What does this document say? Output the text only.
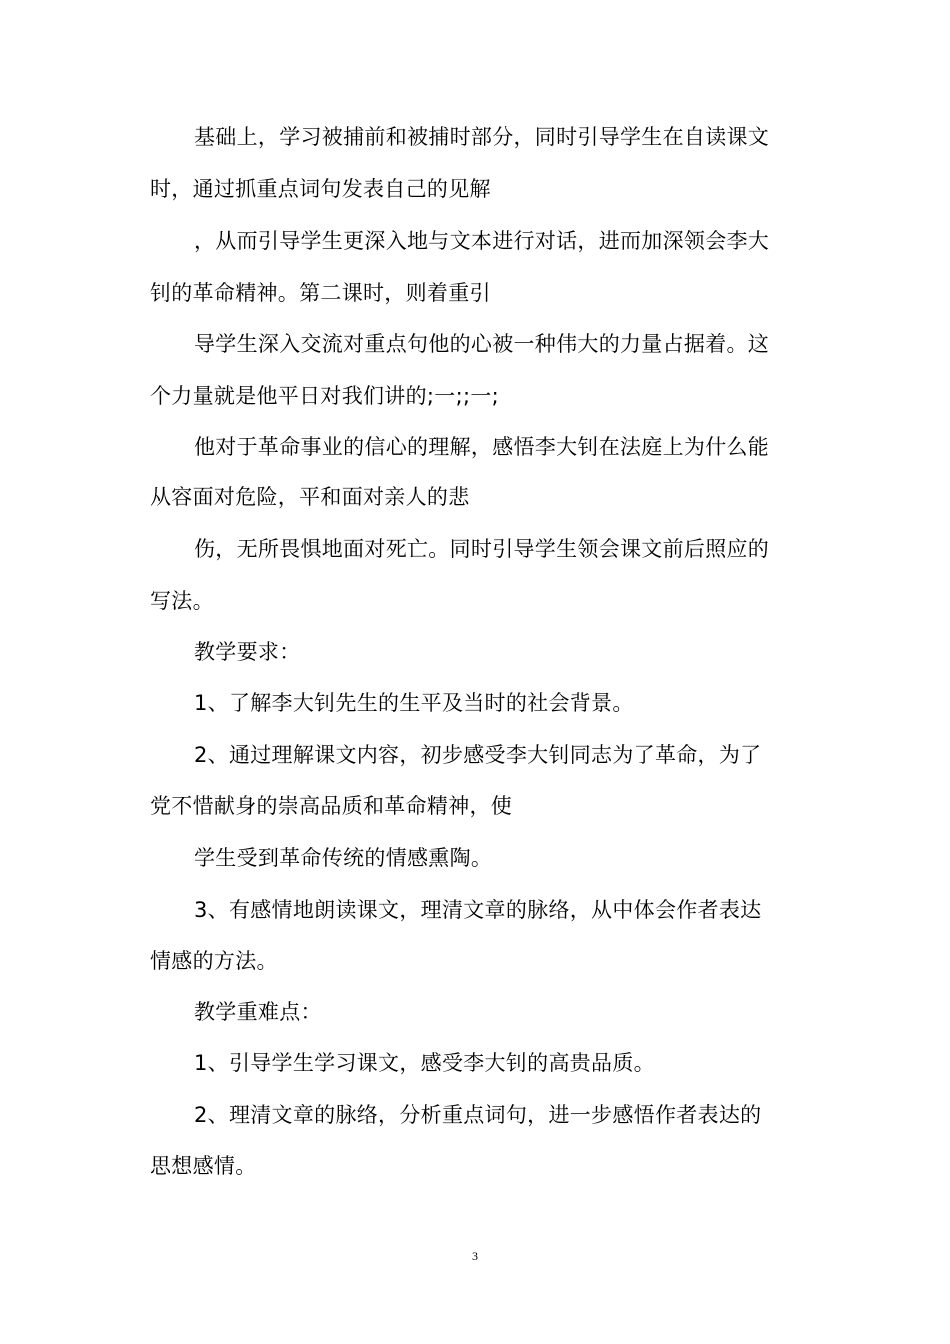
基础上，学习被捕前和被捕时部分，同时引导学生在自读课文
时，通过抓重点词句发表自己的见解
，从而引导学生更深入地与文本进行对话，进而加深领会李大
钊的革命精神。第二课时，则着重引
导学生深入交流对重点句他的心被一种伟大的力量占据着。这
个力量就是他平日对我们讲的;一;;一;
他对于革命事业的信心的理解，感悟李大钊在法庭上为什么能
从容面对危险，平和面对亲人的悲
伤，无所畏惧地面对死亡。同时引导学生领会课文前后照应的
写法。
教学要求：
1、了解李大钊先生的生平及当时的社会背景。
2、通过理解课文内容，初步感受李大钊同志为了革命，为了
党不惜献身的崇高品质和革命精神，使
学生受到革命传统的情感熏陶。
3、有感情地朗读课文，理清文章的脉络，从中体会作者表达
情感的方法。
教学重难点：
1、引导学生学习课文，感受李大钊的高贵品质。
2、理清文章的脉络，分析重点词句，进一步感悟作者表达的
思想感情。
3
